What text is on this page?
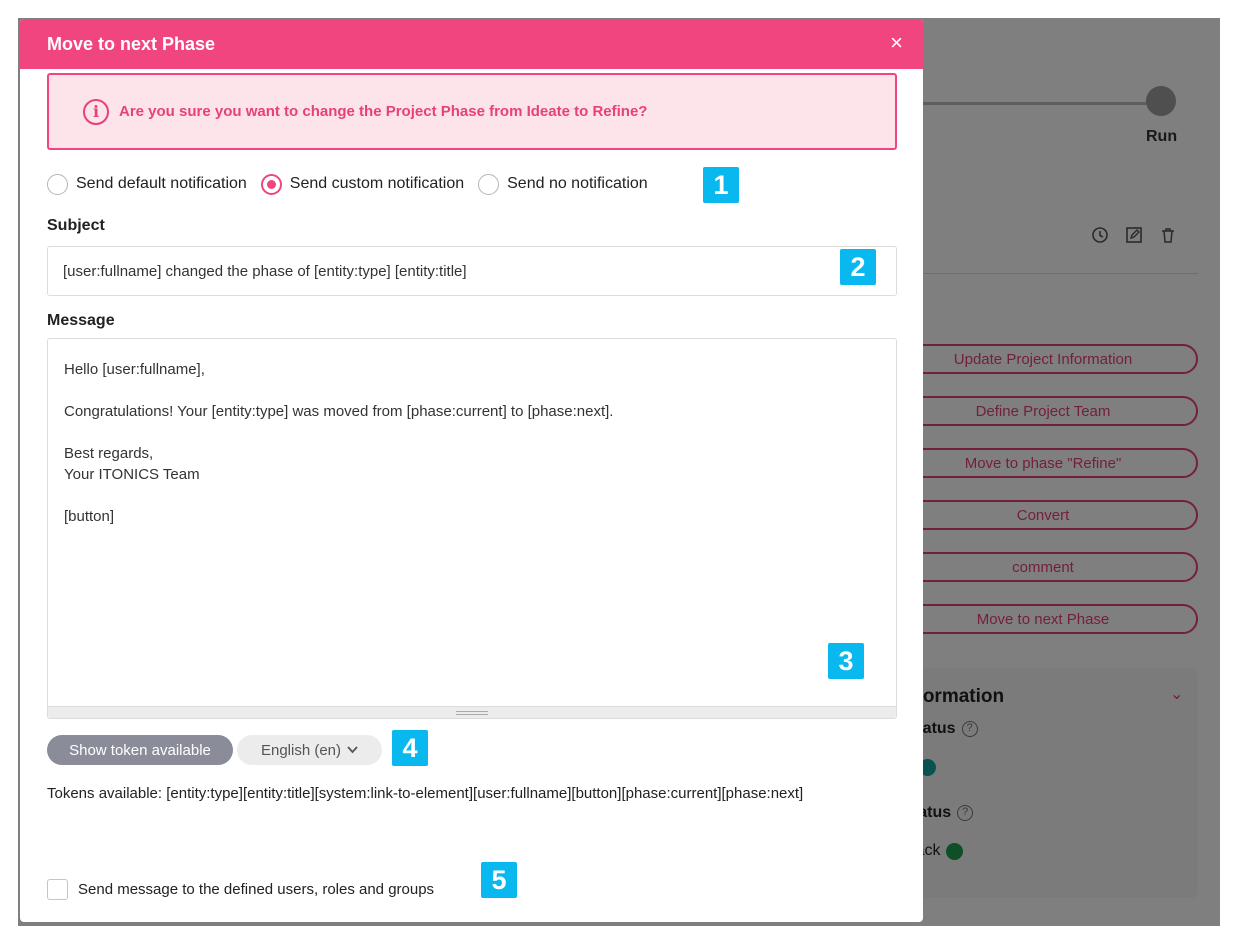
Move to next Phase	×
i	Are you sure you want to change the Project Phase from Ideate to Refine?
Send default notification	Send custom notification	Send no notification
Subject
[user:fullname] changed the phase of [entity:type] [entity:title]
Message
Hello [user:fullname],

Congratulations! Your [entity:type] was moved from [phase:current] to [phase:next].

Best regards,
Your ITONICS Team

[button]
Show token available	English (en)
Tokens available: [entity:type][entity:title][system:link-to-element][user:fullname][button][phase:current][phase:next]
Send message to the defined users, roles and groups
1
2
3
4
5
